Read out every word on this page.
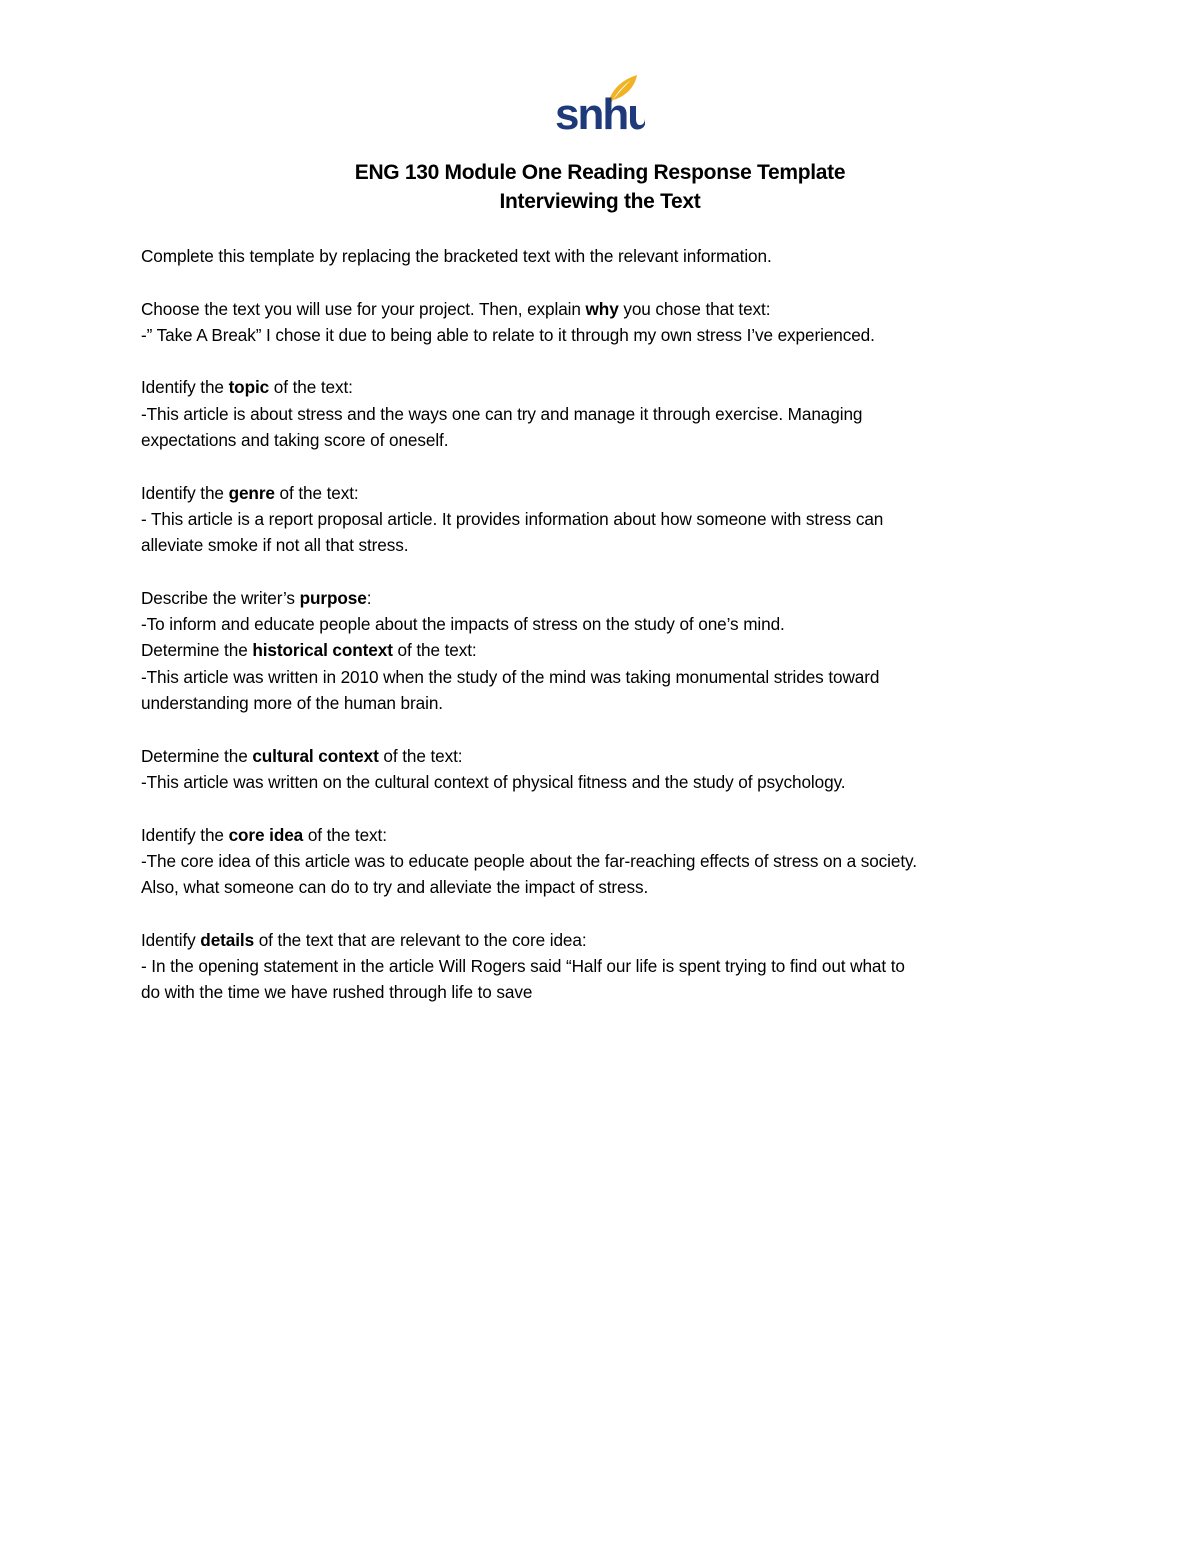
snhu
ENG 130 Module One Reading Response Template
Interviewing the Text
Complete this template by replacing the bracketed text with the relevant information.
Choose the text you will use for your project. Then, explain why you chose that text:
-” Take A Break” I chose it due to being able to relate to it through my own stress I’ve experienced.
Identify the topic of the text:
-This article is about stress and the ways one can try and manage it through exercise. Managing
expectations and taking score of oneself.
Identify the genre of the text:
- This article is a report proposal article. It provides information about how someone with stress can
alleviate smoke if not all that stress.
Describe the writer’s purpose:
-To inform and educate people about the impacts of stress on the study of one’s mind.
Determine the historical context of the text:
-This article was written in 2010 when the study of the mind was taking monumental strides toward
understanding more of the human brain.
Determine the cultural context of the text:
-This article was written on the cultural context of physical fitness and the study of psychology.
Identify the core idea of the text:
-The core idea of this article was to educate people about the far-reaching effects of stress on a society.
Also, what someone can do to try and alleviate the impact of stress.
Identify details of the text that are relevant to the core idea:
- In the opening statement in the article Will Rogers said “Half our life is spent trying to find out what to
do with the time we have rushed through life to save
